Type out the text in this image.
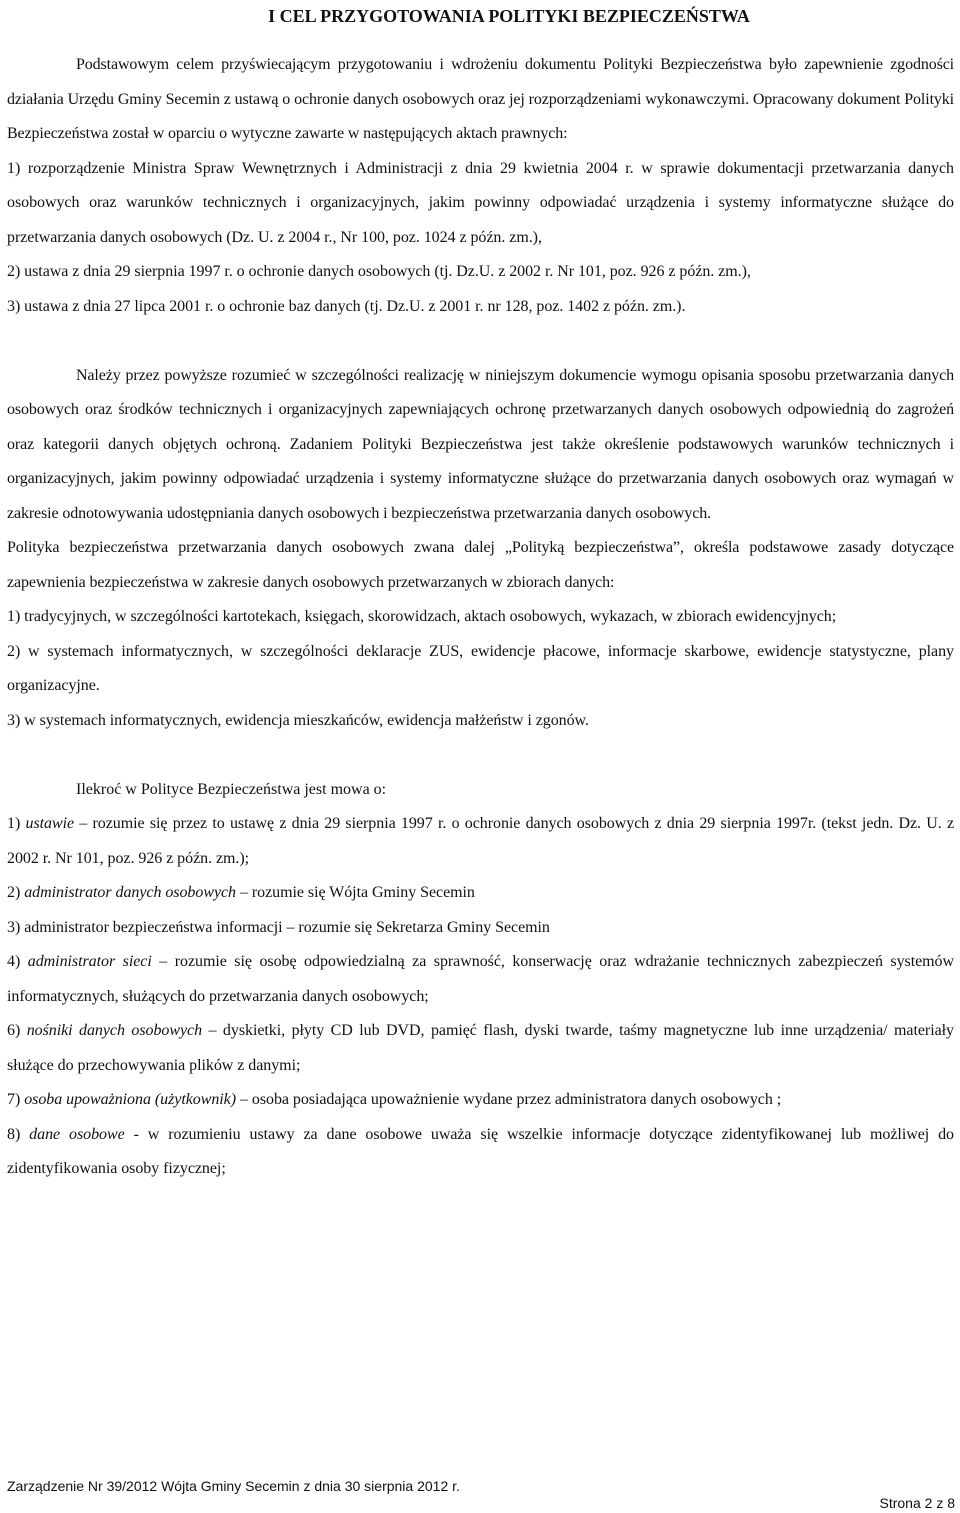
I CEL PRZYGOTOWANIA POLITYKI BEZPIECZEŃSTWA

Podstawowym celem przyświecającym przygotowaniu i wdrożeniu dokumentu Polityki Bezpieczeństwa było zapewnienie zgodności działania Urzędu Gminy Secemin z ustawą o ochronie danych osobowych oraz jej rozporządzeniami wykonawczymi. Opracowany dokument Polityki Bezpieczeństwa został w oparciu o wytyczne zawarte w następujących aktach prawnych:

1) rozporządzenie Ministra Spraw Wewnętrznych i Administracji z dnia 29 kwietnia 2004 r. w sprawie dokumentacji przetwarzania danych osobowych oraz warunków technicznych i organizacyjnych, jakim powinny odpowiadać urządzenia i systemy informatyczne służące do przetwarzania danych osobowych (Dz. U. z 2004 r., Nr 100, poz. 1024 z późn. zm.),

2) ustawa z dnia 29 sierpnia 1997 r. o ochronie danych osobowych (tj. Dz.U. z 2002 r. Nr 101, poz. 926 z późn. zm.),

3) ustawa z dnia 27 lipca 2001 r. o ochronie baz danych (tj. Dz.U. z 2001 r. nr 128, poz. 1402 z późn. zm.).

Należy przez powyższe rozumieć w szczególności realizację w niniejszym dokumencie wymogu opisania sposobu przetwarzania danych osobowych oraz środków technicznych i organizacyjnych zapewniających ochronę przetwarzanych danych osobowych odpowiednią do zagrożeń oraz kategorii danych objętych ochroną. Zadaniem Polityki Bezpieczeństwa jest także określenie podstawowych warunków technicznych i organizacyjnych, jakim powinny odpowiadać urządzenia i systemy informatyczne służące do przetwarzania danych osobowych oraz wymagań w zakresie odnotowywania udostępniania danych osobowych i bezpieczeństwa przetwarzania danych osobowych.

Polityka bezpieczeństwa przetwarzania danych osobowych zwana dalej „Polityką bezpieczeństwa”, określa podstawowe zasady dotyczące zapewnienia bezpieczeństwa w zakresie danych osobowych przetwarzanych w zbiorach danych:

1) tradycyjnych, w szczególności kartotekach, księgach, skorowidzach, aktach osobowych, wykazach, w zbiorach ewidencyjnych;

2) w systemach informatycznych, w szczególności deklaracje ZUS, ewidencje płacowe, informacje skarbowe, ewidencje statystyczne, plany organizacyjne.

3) w systemach informatycznych, ewidencja mieszkańców, ewidencja małżeństw i zgonów.

Ilekroć w Polityce Bezpieczeństwa jest mowa o:

1) ustawie – rozumie się przez to ustawę z dnia 29 sierpnia 1997 r. o ochronie danych osobowych z dnia 29 sierpnia 1997r. (tekst jedn. Dz. U. z 2002 r. Nr 101, poz. 926 z późn. zm.);

2) administrator danych osobowych – rozumie się Wójta Gminy Secemin

3) administrator bezpieczeństwa informacji – rozumie się Sekretarza Gminy Secemin

4) administrator sieci – rozumie się osobę odpowiedzialną za sprawność, konserwację oraz wdrażanie technicznych zabezpieczeń systemów informatycznych, służących do przetwarzania danych osobowych;

6) nośniki danych osobowych – dyskietki, płyty CD lub DVD, pamięć flash, dyski twarde, taśmy magnetyczne lub inne urządzenia/ materiały służące do przechowywania plików z danymi;

7) osoba upoważniona (użytkownik) – osoba posiadająca upoważnienie wydane przez administratora danych osobowych ;

8) dane osobowe - w rozumieniu ustawy za dane osobowe uważa się wszelkie informacje dotyczące zidentyfikowanej lub możliwej do zidentyfikowania osoby fizycznej;

Zarządzenie Nr 39/2012 Wójta Gminy Secemin z dnia 30 sierpnia 2012 r.
Strona 2 z 8
